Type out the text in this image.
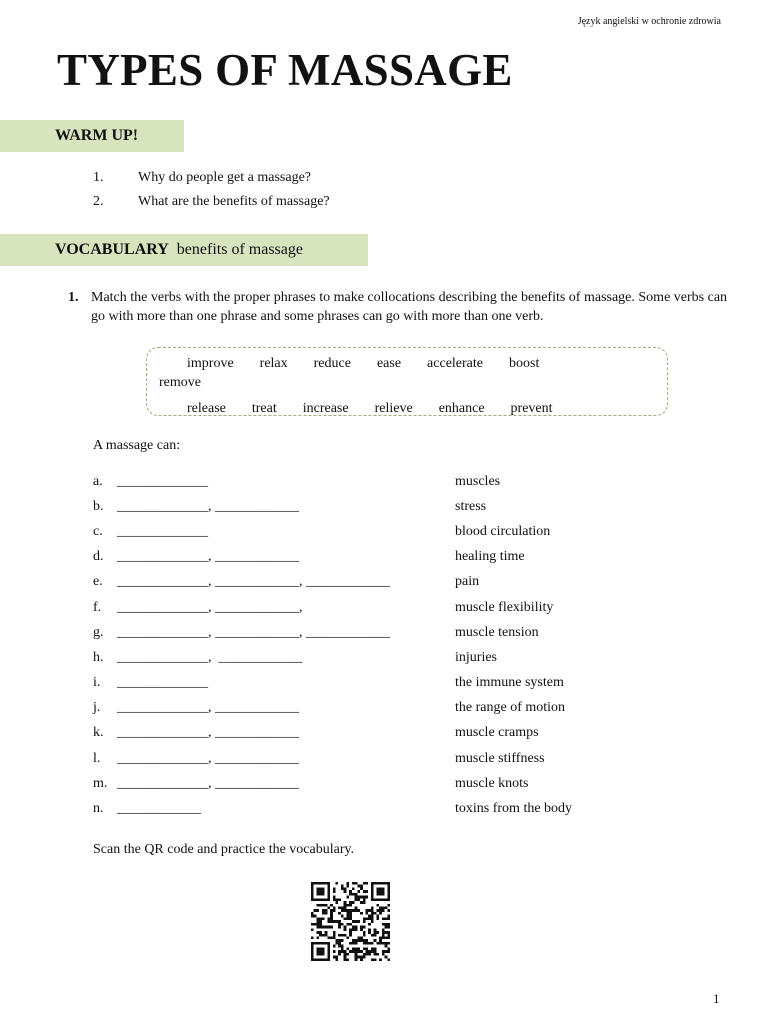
Język angielski w ochronie zdrowia
TYPES OF MASSAGE
WARM UP!
1.	Why do people get a massage?
2.	What are the benefits of massage?
VOCABULARY benefits of massage
1. Match the verbs with the proper phrases to make collocations describing the benefits of massage. Some verbs can go with more than one phrase and some phrases can go with more than one verb.
improve relax reduce ease accelerate boost
remove
release treat increase relieve enhance prevent
A massage can:
a.	_____________	muscles
b. _____________, ____________	stress
c.	_____________	blood circulation
d. _____________, ____________	healing time
e.	_____________, ____________, ____________	pain
f.	_____________, ____________,	muscle flexibility
g. _____________, ____________, ____________	muscle tension
h. _____________,  ____________	injuries
i.	_____________	the immune system
j.	_____________, ____________	the range of motion
k. _____________, ____________	muscle cramps
l.	_____________, ____________	muscle stiffness
m. _____________, ____________	muscle knots
n. ____________	toxins from the body
Scan the QR code and practice the vocabulary.
1
